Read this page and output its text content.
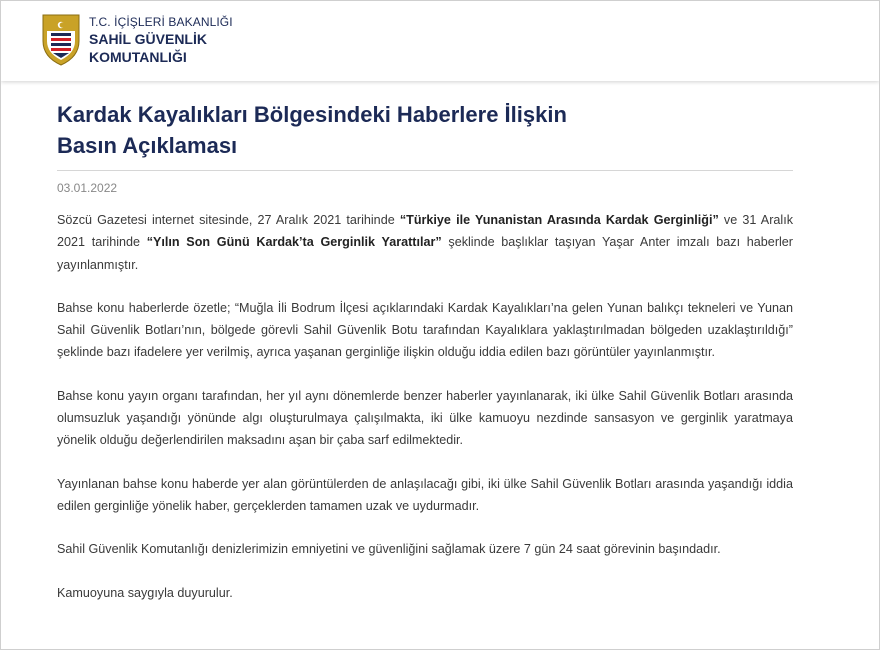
T.C. İÇİŞLERİ BAKANLIĞI
SAHİL GÜVENLİK
KOMUTANLIĞI
Kardak Kayalıkları Bölgesindeki Haberlere İlişkin Basın Açıklaması
03.01.2022

Sözcü Gazetesi internet sitesinde, 27 Aralık 2021 tarihinde “Türkiye ile Yunanistan Arasında Kardak Gerginliği” ve 31 Aralık 2021 tarihinde “Yılın Son Günü Kardak’ta Gerginlik Yarattılar” şeklinde başlıklar taşıyan Yaşar Anter imzalı bazı haberler yayınlanmıştır.

Bahse konu haberlerde özetle; “Muğla İli Bodrum İlçesi açıklarındaki Kardak Kayalıkları’na gelen Yunan balıkçı tekneleri ve Yunan Sahil Güvenlik Botları’nın, bölgede görevli Sahil Güvenlik Botu tarafından Kayalıklara yaklaştırılmadan bölgeden uzaklaştırıldığı” şeklinde bazı ifadelere yer verilmiş, ayrıca yaşanan gerginliğe ilişkin olduğu iddia edilen bazı görüntüler yayınlanmıştır.

Bahse konu yayın organı tarafından, her yıl aynı dönemlerde benzer haberler yayınlanarak, iki ülke Sahil Güvenlik Botları arasında olumsuzluk yaşandığı yönünde algı oluşturulmaya çalışılmakta, iki ülke kamuoyu nezdinde sansasyon ve gerginlik yaratmaya yönelik olduğu değerlendirilen maksadını aşan bir çaba sarf edilmektedir.

Yayınlanan bahse konu haberde yer alan görüntülerden de anlaşılacağı gibi, iki ülke Sahil Güvenlik Botları arasında yaşandığı iddia edilen gerginliğe yönelik haber, gerçeklerden tamamen uzak ve uydurmadır.

Sahil Güvenlik Komutanlığı denizlerimizin emniyetini ve güvenliğini sağlamak üzere 7 gün 24 saat görevinin başındadır.

Kamuoyuna saygıyla duyurulur.
